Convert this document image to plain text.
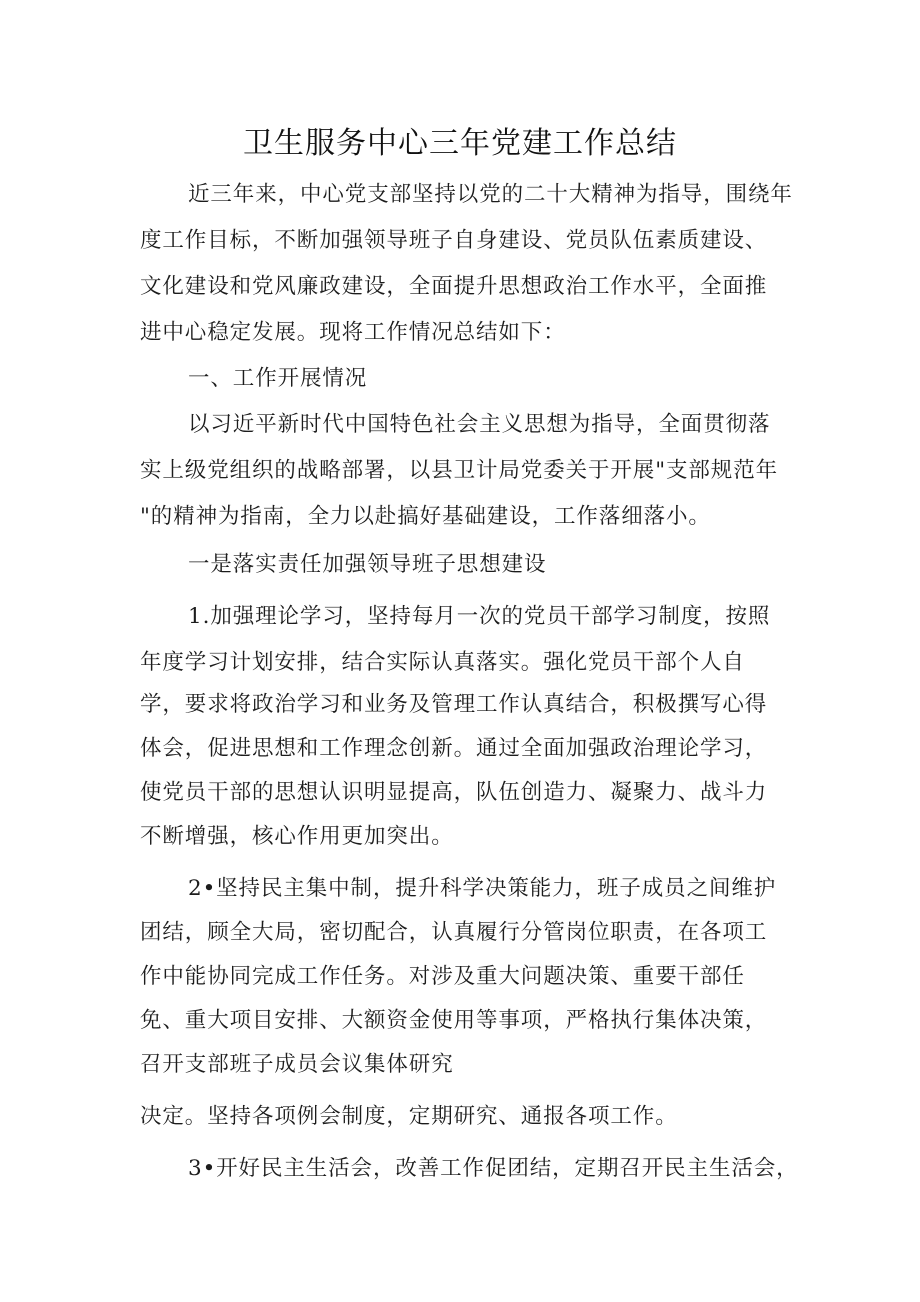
卫生服务中心三年党建工作总结
近三年来，中心党支部坚持以党的二十大精神为指导，围绕年
度工作目标，不断加强领导班子自身建设、党员队伍素质建设、
文化建设和党风廉政建设，全面提升思想政治工作水平，全面推
进中心稳定发展。现将工作情况总结如下：
一、工作开展情况
以习近平新时代中国特色社会主义思想为指导，全面贯彻落
实上级党组织的战略部署，以县卫计局党委关于开展"支部规范年
"的精神为指南，全力以赴搞好基础建设，工作落细落小。
一是落实责任加强领导班子思想建设
1.加强理论学习，坚持每月一次的党员干部学习制度，按照
年度学习计划安排，结合实际认真落实。强化党员干部个人自
学，要求将政治学习和业务及管理工作认真结合，积极撰写心得
体会，促进思想和工作理念创新。通过全面加强政治理论学习，
使党员干部的思想认识明显提高，队伍创造力、凝聚力、战斗力
不断增强，核心作用更加突出。
2•坚持民主集中制，提升科学决策能力，班子成员之间维护
团结，顾全大局，密切配合，认真履行分管岗位职责，在各项工
作中能协同完成工作任务。对涉及重大问题决策、重要干部任
免、重大项目安排、大额资金使用等事项，严格执行集体决策，
召开支部班子成员会议集体研究
决定。坚持各项例会制度，定期研究、通报各项工作。
3•开好民主生活会，改善工作促团结，定期召开民主生活会，
